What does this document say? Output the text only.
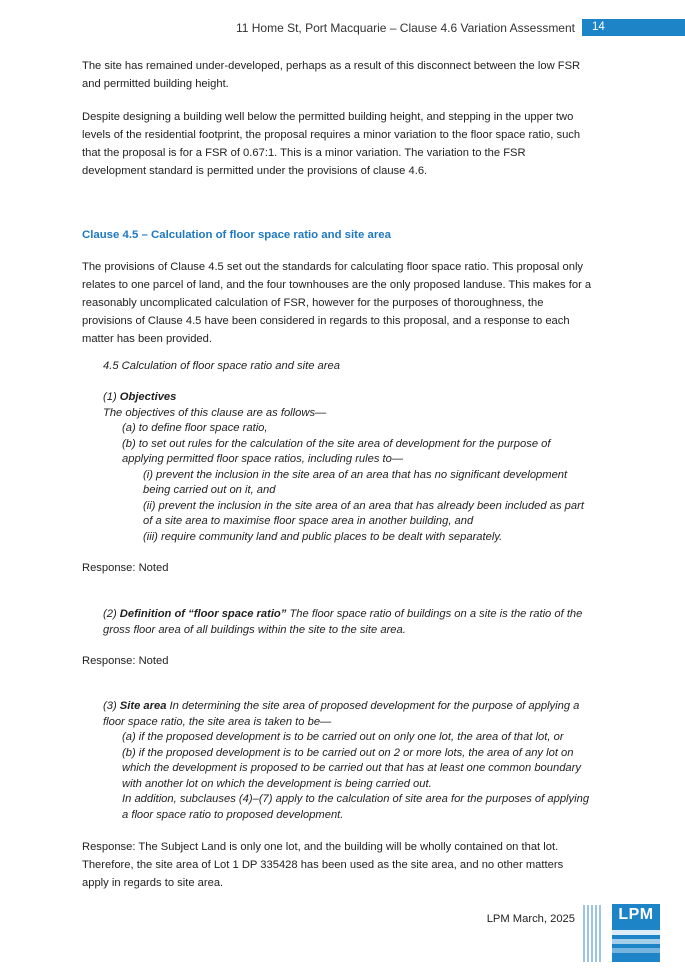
11 Home St, Port Macquarie – Clause 4.6 Variation Assessment	14

The site has remained under-developed, perhaps as a result of this disconnect between the low FSR and permitted building height.

Despite designing a building well below the permitted building height, and stepping in the upper two levels of the residential footprint, the proposal requires a minor variation to the floor space ratio, such that the proposal is for a FSR of 0.67:1. This is a minor variation. The variation to the FSR development standard is permitted under the provisions of clause 4.6.

Clause 4.5 – Calculation of floor space ratio and site area

The provisions of Clause 4.5 set out the standards for calculating floor space ratio. This proposal only relates to one parcel of land, and the four townhouses are the only proposed landuse. This makes for a reasonably uncomplicated calculation of FSR, however for the purposes of thoroughness, the provisions of Clause 4.5 have been considered in regards to this proposal, and a response to each matter has been provided.

4.5 Calculation of floor space ratio and site area

(1) Objectives

The objectives of this clause are as follows—

(a) to define floor space ratio,

(b) to set out rules for the calculation of the site area of development for the purpose of applying permitted floor space ratios, including rules to—

(i) prevent the inclusion in the site area of an area that has no significant development being carried out on it, and

(ii) prevent the inclusion in the site area of an area that has already been included as part of a site area to maximise floor space area in another building, and

(iii) require community land and public places to be dealt with separately.

Response: Noted

(2) Definition of “floor space ratio” The floor space ratio of buildings on a site is the ratio of the gross floor area of all buildings within the site to the site area.

Response: Noted

(3) Site area In determining the site area of proposed development for the purpose of applying a floor space ratio, the site area is taken to be—

(a) if the proposed development is to be carried out on only one lot, the area of that lot, or

(b) if the proposed development is to be carried out on 2 or more lots, the area of any lot on which the development is proposed to be carried out that has at least one common boundary with another lot on which the development is being carried out.

In addition, subclauses (4)–(7) apply to the calculation of site area for the purposes of applying a floor space ratio to proposed development.

Response: The Subject Land is only one lot, and the building will be wholly contained on that lot. Therefore, the site area of Lot 1 DP 335428 has been used as the site area, and no other matters apply in regards to site area.

LPM March, 2025	LPM
